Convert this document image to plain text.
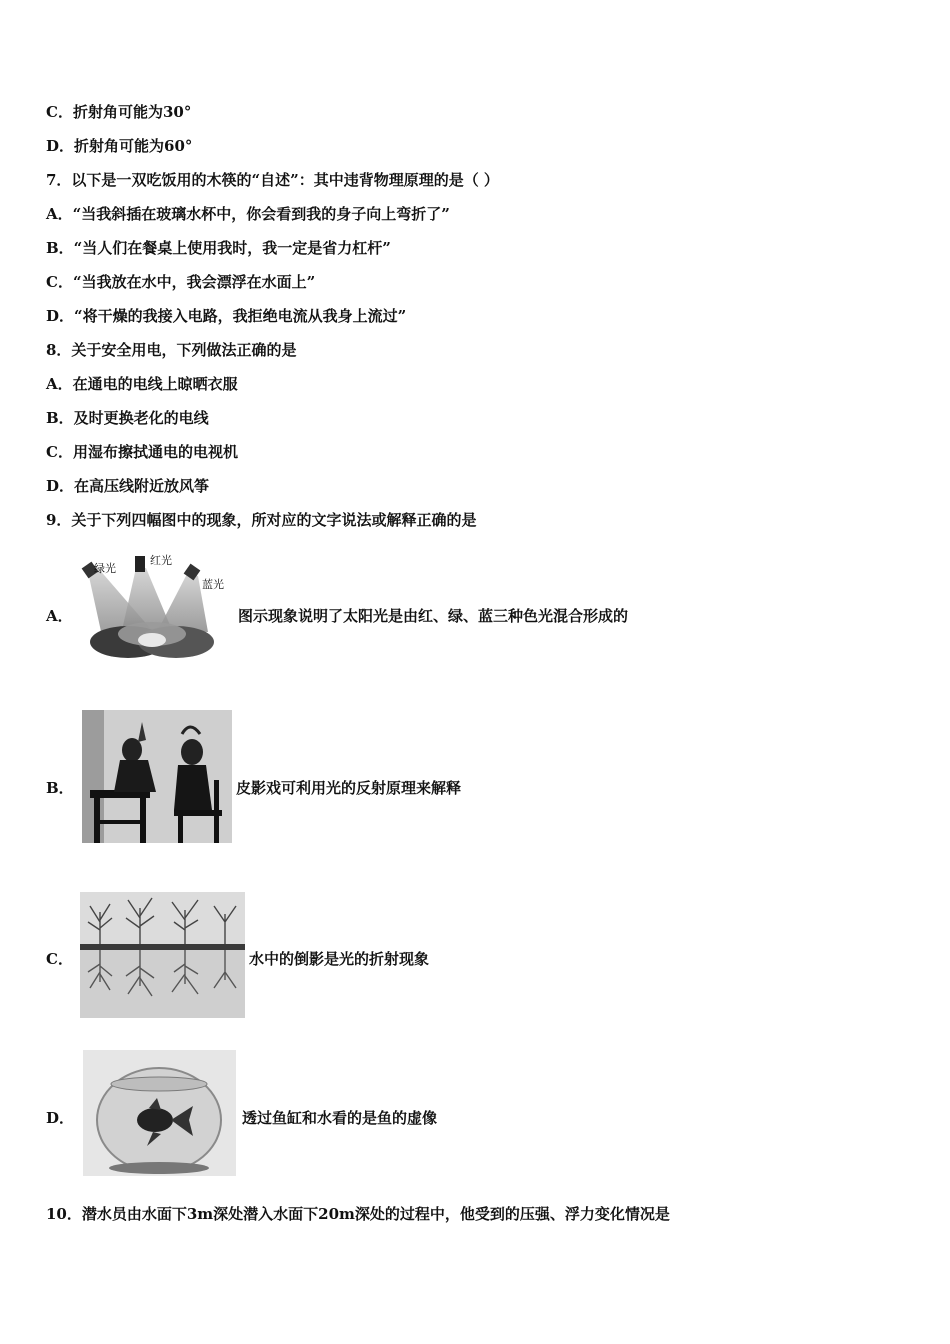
C．折射角可能为30°
D．折射角可能为60°
7．以下是一双吃饭用的木筷的“自述”：其中违背物理原理的是（ ）
A．“当我斜插在玻璃水杯中，你会看到我的身子向上弯折了”
B．“当人们在餐桌上使用我时，我一定是省力杠杆”
C．“当我放在水中，我会漂浮在水面上”
D．“将干燥的我接入电路，我拒绝电流从我身上流过”
8．关于安全用电，下列做法正确的是
A．在通电的电线上晾晒衣服
B．及时更换老化的电线
C．用湿布擦拭通电的电视机
D．在高压线附近放风筝
9．关于下列四幅图中的现象，所对应的文字说法或解释正确的是
A．
绿光
红光
蓝光
图示现象说明了太阳光是由红、绿、蓝三种色光混合形成的
B．	皮影戏可利用光的反射原理来解释
C．	水中的倒影是光的折射现象
D．	透过鱼缸和水看的是鱼的虚像
10．潜水员由水面下3m深处潜入水面下20m深处的过程中，他受到的压强、浮力变化情况是
